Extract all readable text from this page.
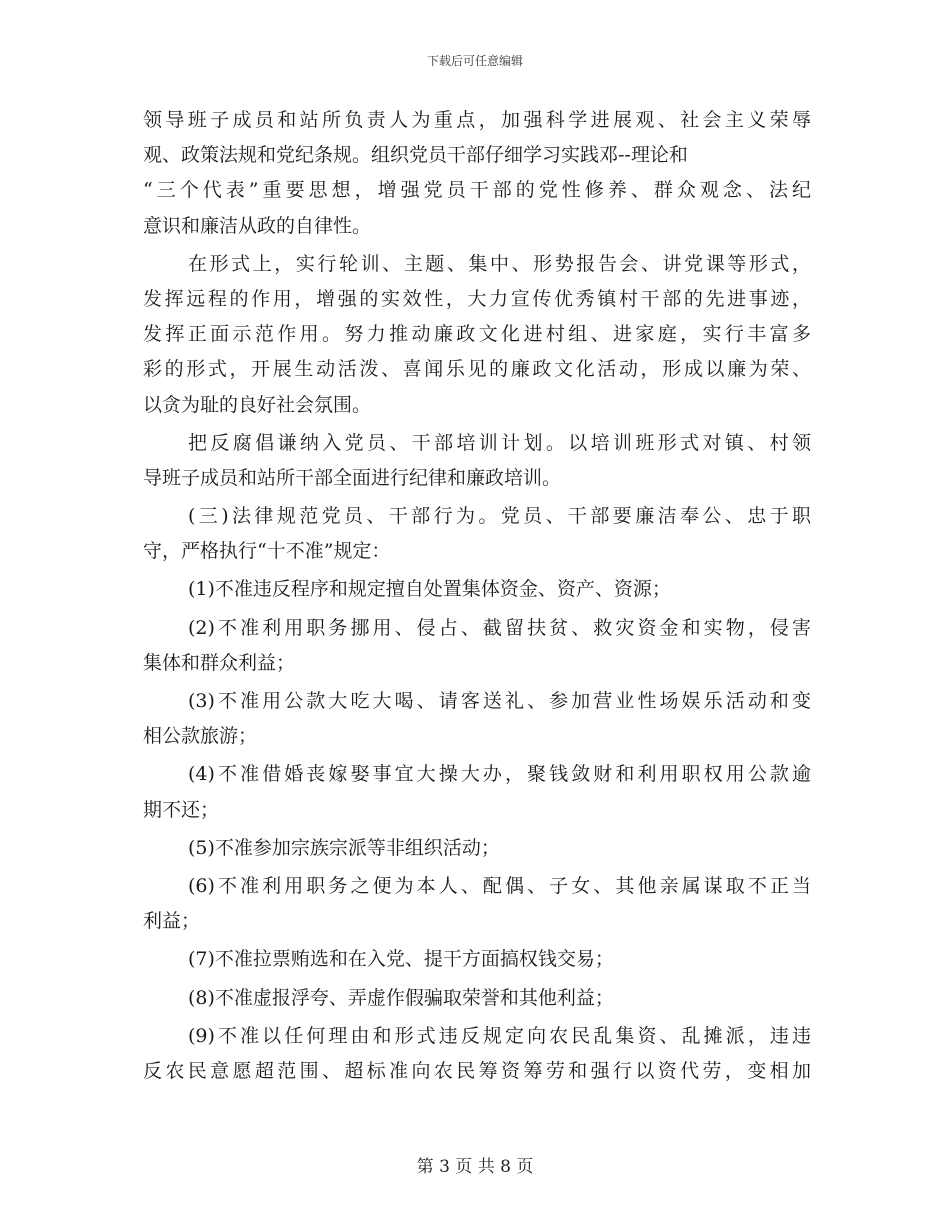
下载后可任意编辑
领导班子成员和站所负责人为重点，加强科学进展观、社会主义荣辱
观、政策法规和党纪条规。组织党员干部仔细学习实践邓--理论和
“三个代表”重要思想，增强党员干部的党性修养、群众观念、法纪
意识和廉洁从政的自律性。
在形式上，实行轮训、主题、集中、形势报告会、讲党课等形式，
发挥远程的作用，增强的实效性，大力宣传优秀镇村干部的先进事迹，
发挥正面示范作用。努力推动廉政文化进村组、进家庭，实行丰富多
彩的形式，开展生动活泼、喜闻乐见的廉政文化活动，形成以廉为荣、
以贪为耻的良好社会氛围。
把反腐倡谦纳入党员、干部培训计划。以培训班形式对镇、村领
导班子成员和站所干部全面进行纪律和廉政培训。
(三)法律规范党员、干部行为。党员、干部要廉洁奉公、忠于职
守，严格执行“十不准”规定：
(1)不准违反程序和规定擅自处置集体资金、资产、资源；
(2)不准利用职务挪用、侵占、截留扶贫、救灾资金和实物，侵害
集体和群众利益；
(3)不准用公款大吃大喝、请客送礼、参加营业性场娱乐活动和变
相公款旅游；
(4)不准借婚丧嫁娶事宜大操大办，聚钱敛财和利用职权用公款逾
期不还；
(5)不准参加宗族宗派等非组织活动；
(6)不准利用职务之便为本人、配偶、子女、其他亲属谋取不正当
利益；
(7)不准拉票贿选和在入党、提干方面搞权钱交易；
(8)不准虚报浮夸、弄虚作假骗取荣誉和其他利益；
(9)不准以任何理由和形式违反规定向农民乱集资、乱摊派，违违
反农民意愿超范围、超标准向农民筹资筹劳和强行以资代劳，变相加
第 3 页 共 8 页
